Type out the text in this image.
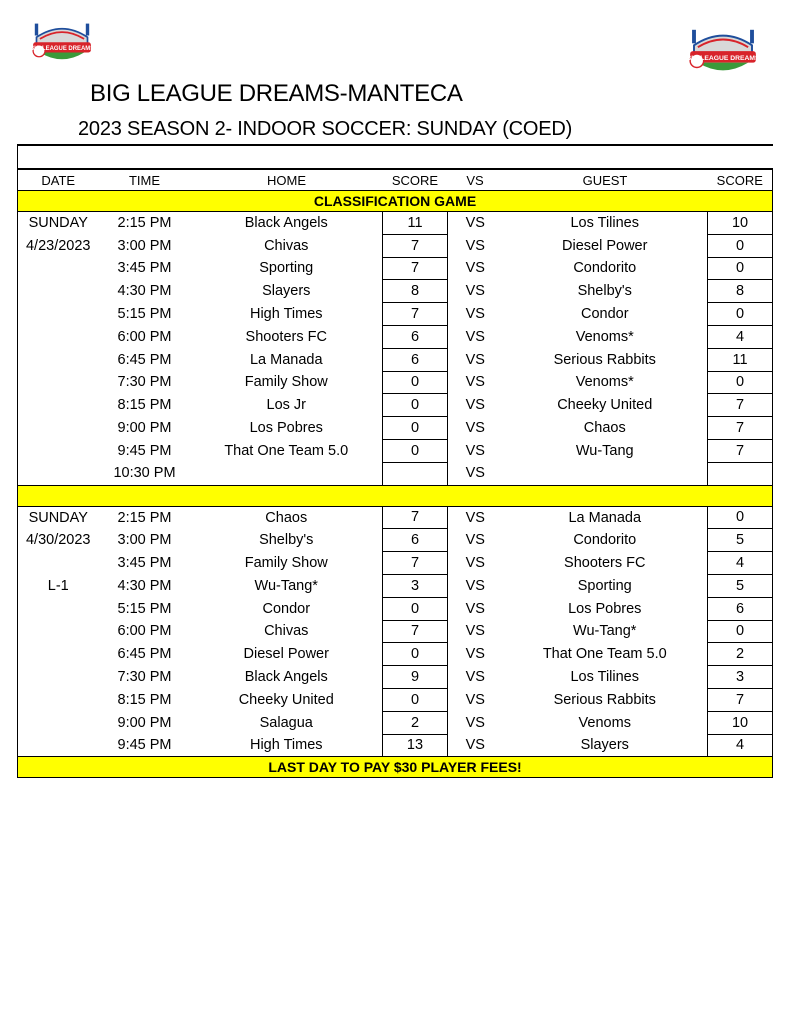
BIG LEAGUE DREAMS
BIG LEAGUE DREAMS
BIG LEAGUE DREAMS-MANTECA
2023 SEASON 2- INDOOR SOCCER: SUNDAY (COED)

DATE	TIME	HOME	SCORE	VS	GUEST	SCORE
CLASSIFICATION GAME						
SUNDAY	2:15 PM	Black Angels	11	VS	Los Tilines	10
4/23/2023	3:00 PM	Chivas	7	VS	Diesel Power	0
	3:45 PM	Sporting	7	VS	Condorito	0
	4:30 PM	Slayers	8	VS	Shelby's	8
	5:15 PM	High Times	7	VS	Condor	0
	6:00 PM	Shooters FC	6	VS	Venoms*	4
	6:45 PM	La Manada	6	VS	Serious Rabbits	11
	7:30 PM	Family Show	0	VS	Venoms*	0
	8:15 PM	Los Jr	0	VS	Cheeky United	7
	9:00 PM	Los Pobres	0	VS	Chaos	7
	9:45 PM	That One Team 5.0	0	VS	Wu-Tang	7
	10:30 PM			VS		

SUNDAY	2:15 PM	Chaos	7	VS	La Manada	0
4/30/2023	3:00 PM	Shelby's	6	VS	Condorito	5
	3:45 PM	Family Show	7	VS	Shooters FC	4
L-1	4:30 PM	Wu-Tang*	3	VS	Sporting	5
	5:15 PM	Condor	0	VS	Los Pobres	6
	6:00 PM	Chivas	7	VS	Wu-Tang*	0
	6:45 PM	Diesel Power	0	VS	That One Team 5.0	2
	7:30 PM	Black Angels	9	VS	Los Tilines	3
	8:15 PM	Cheeky United	0	VS	Serious Rabbits	7
	9:00 PM	Salagua	2	VS	Venoms	10
	9:45 PM	High Times	13	VS	Slayers	4
LAST DAY TO PAY $30 PLAYER FEES!						
